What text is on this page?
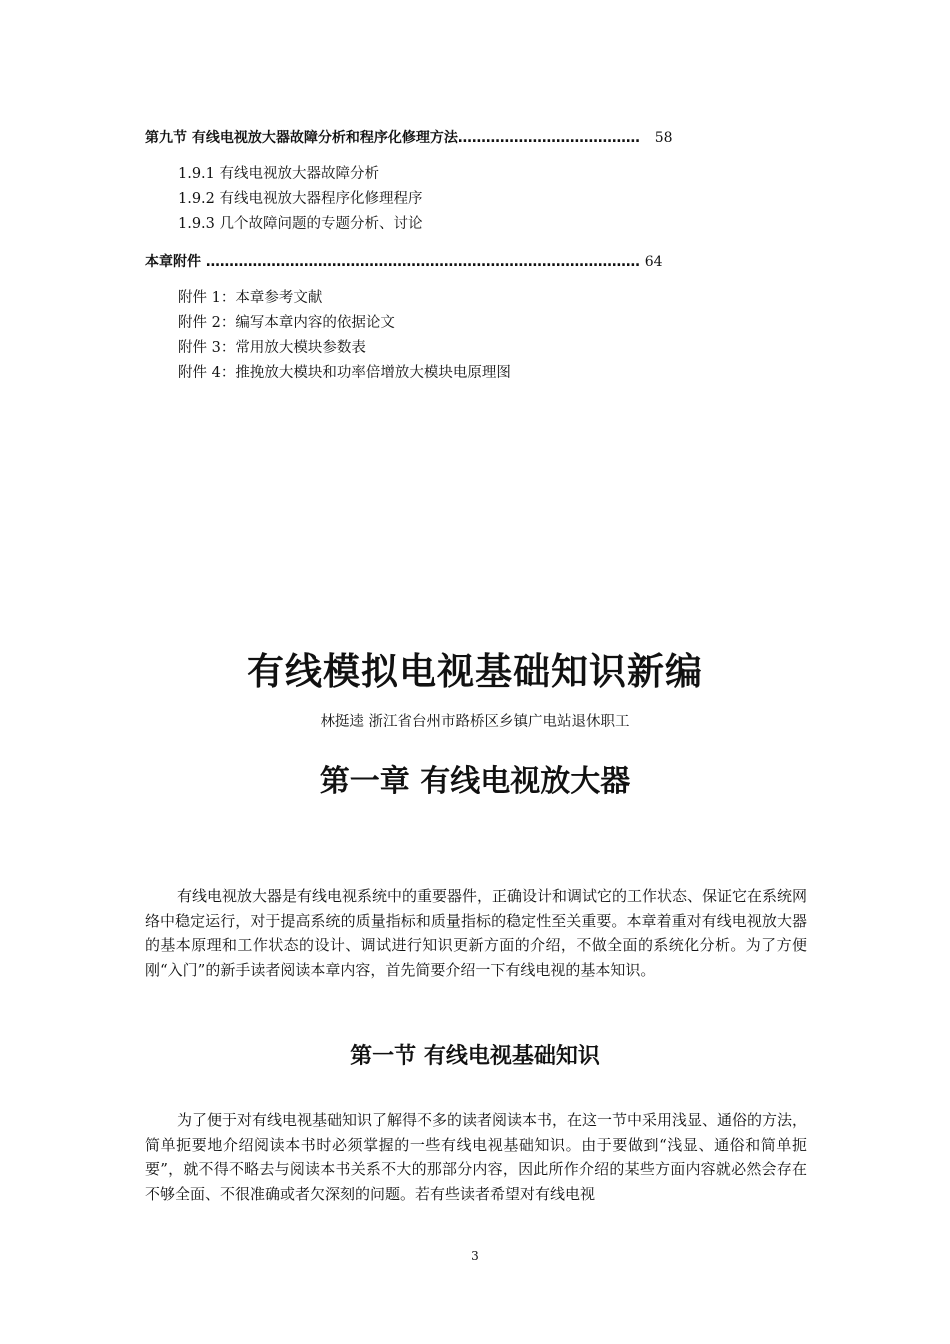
第九节 有线电视放大器故障分析和程序化修理方法………………………………… 58
1.9.1 有线电视放大器故障分析
1.9.2 有线电视放大器程序化修理程序
1.9.3 几个故障问题的专题分析、讨论
本章附件 ………………………………………………………………………………… 64
附件 1：本章参考文献
附件 2：编写本章内容的依据论文
附件 3：常用放大模块参数表
附件 4：推挽放大模块和功率倍增放大模块电原理图
有线模拟电视基础知识新编
林挺逵 浙江省台州市路桥区乡镇广电站退休职工
第一章 有线电视放大器

有线电视放大器是有线电视系统中的重要器件，正确设计和调试它的工作状态、保证它在系统网络中稳定运行，对于提高系统的质量指标和质量指标的稳定性至关重要。本章着重对有线电视放大器的基本原理和工作状态的设计、调试进行知识更新方面的介绍，不做全面的系统化分析。为了方便刚“入门”的新手读者阅读本章内容，首先简要介绍一下有线电视的基本知识。

第一节 有线电视基础知识

为了便于对有线电视基础知识了解得不多的读者阅读本书，在这一节中采用浅显、通俗的方法，简单扼要地介绍阅读本书时必须掌握的一些有线电视基础知识。由于要做到“浅显、通俗和简单扼要”，就不得不略去与阅读本书关系不大的那部分内容，因此所作介绍的某些方面内容就必然会存在不够全面、不很准确或者欠深刻的问题。若有些读者希望对有线电视

3
